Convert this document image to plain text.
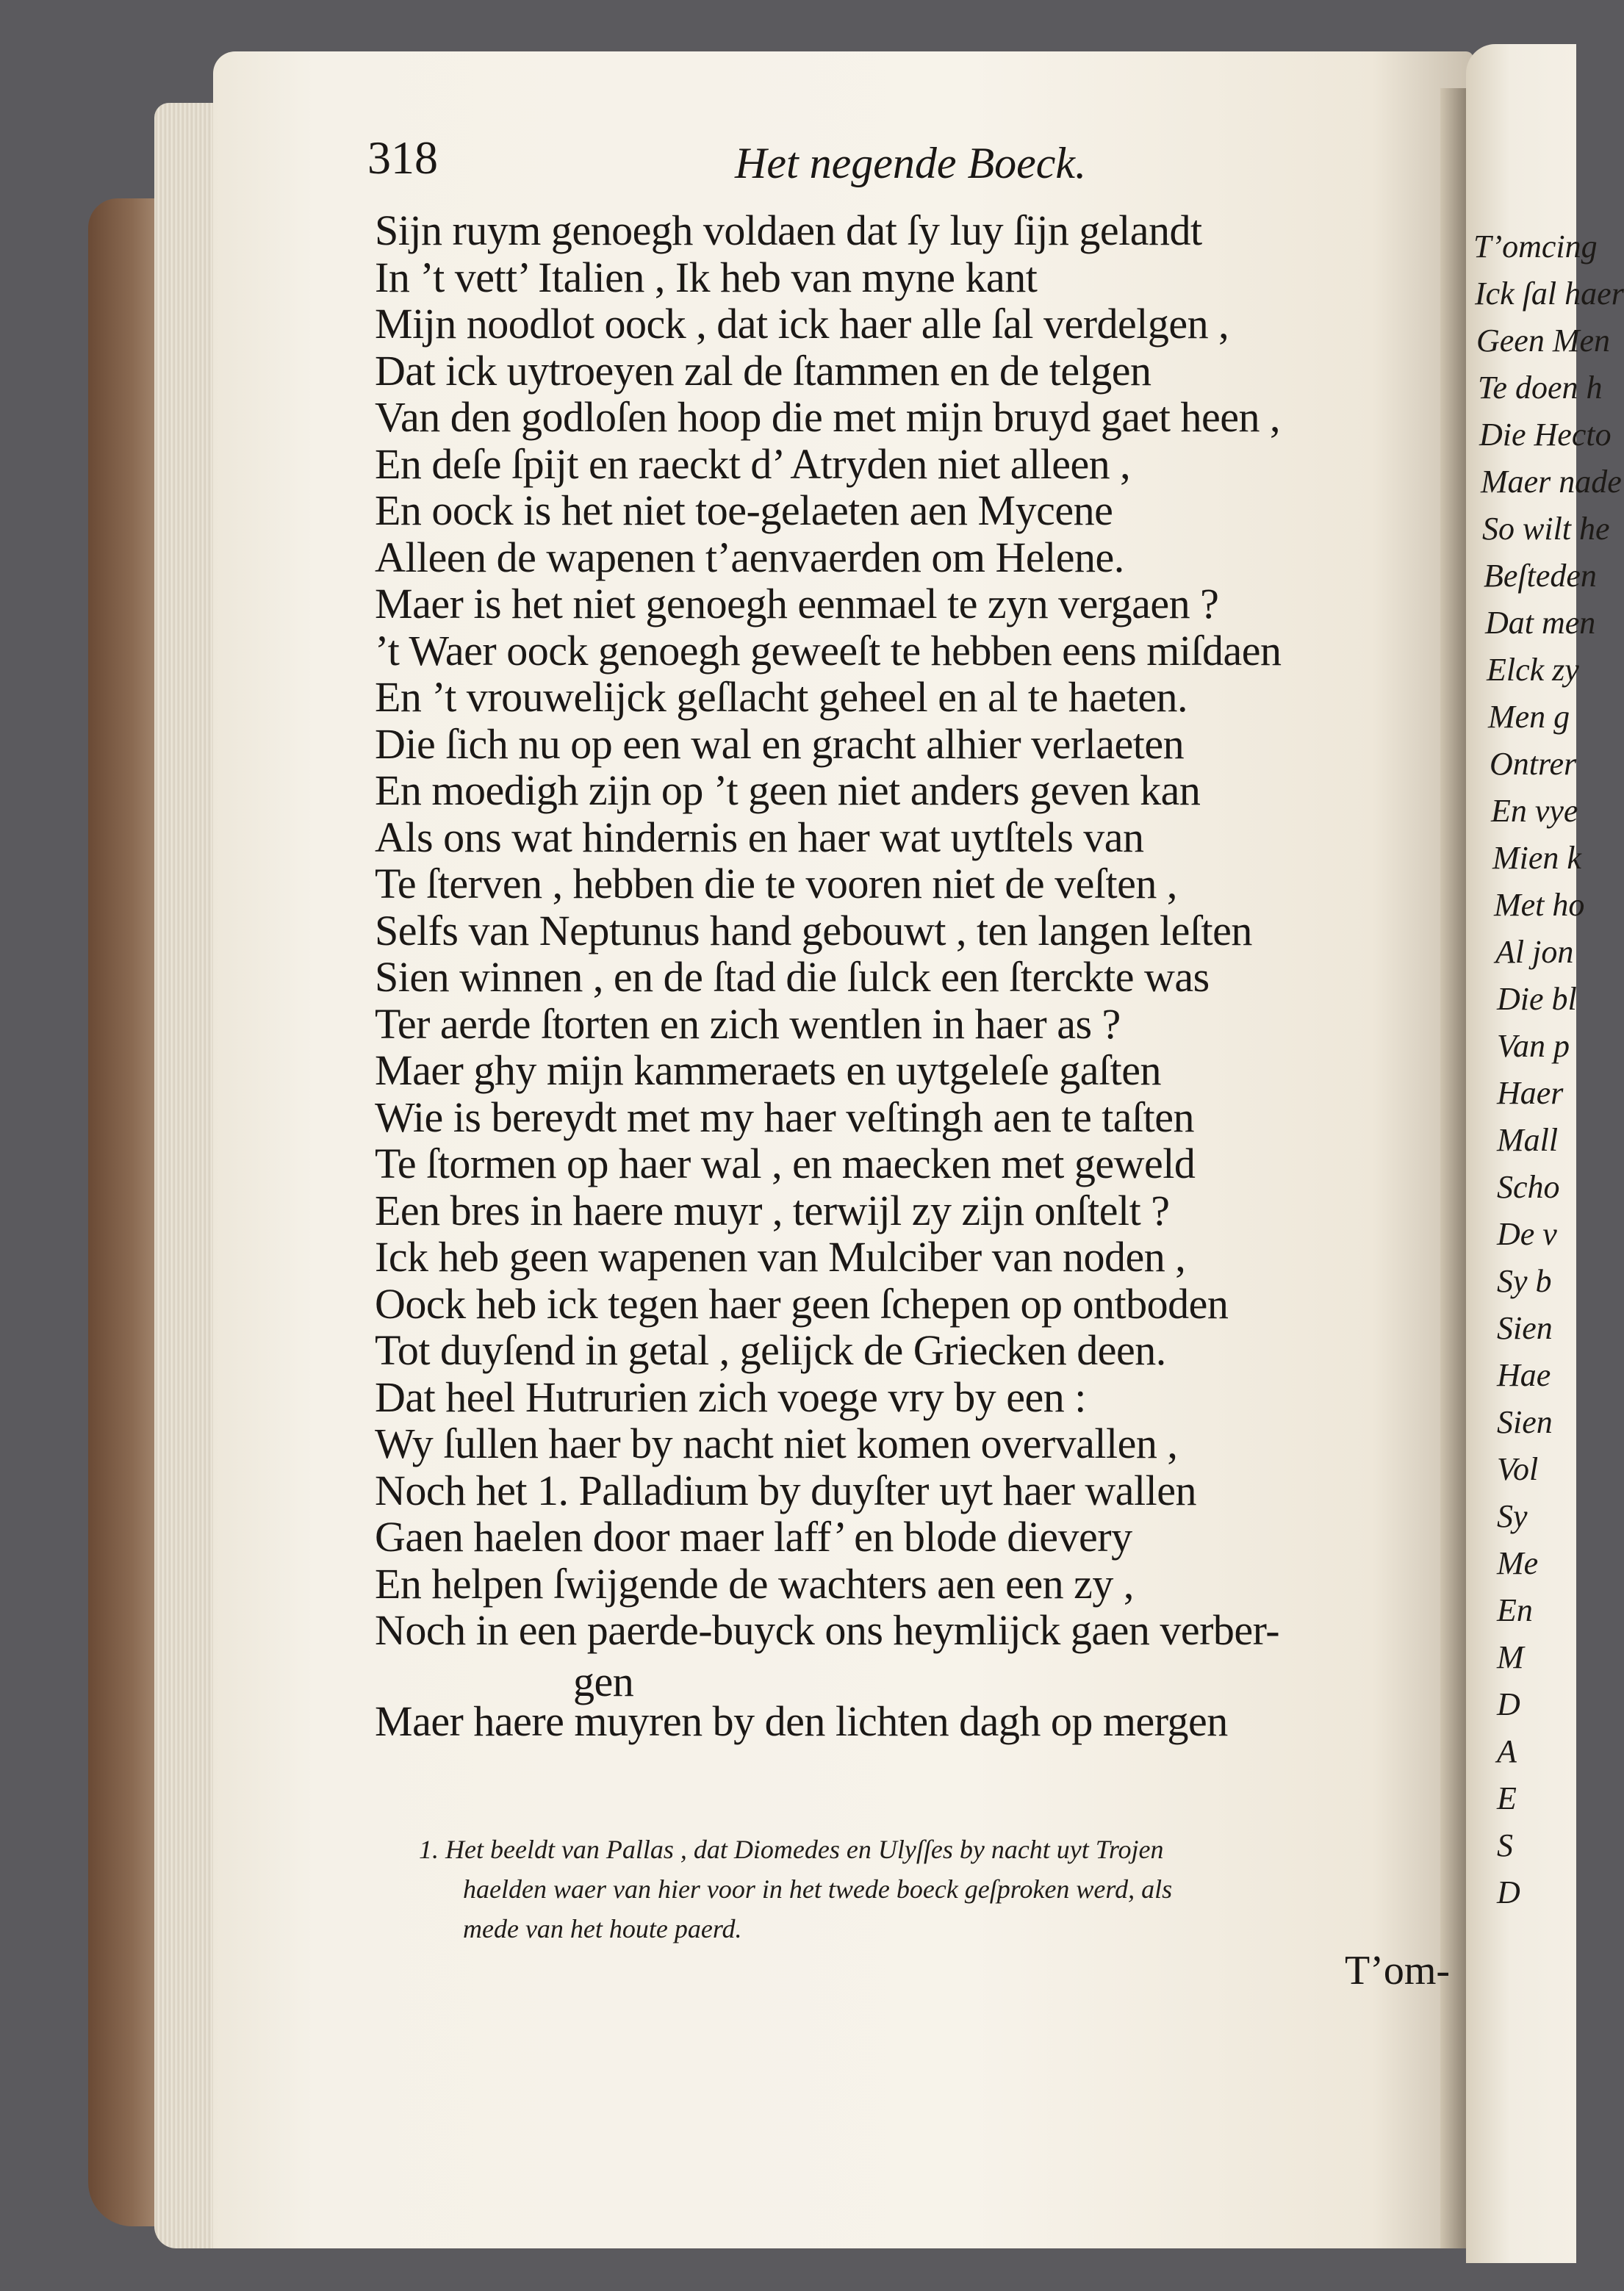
T’omcing
Ick ſal haer
Geen Men
Te doen h
Die Hecto
Maer nade
So wilt he
Beſteden
Dat men
Elck zy
Men g
Ontrer
En vye
Mien k
Met ho
Al jon
Die bl
Van p
Haer
Mall
Scho
De v
Sy b
Sien
Hae
Sien
Vol
Sy
Me
En
M
D
A
E
S
D
318	Het negende Boeck.
Sijn ruym genoegh voldaen dat ſy luy ſijn gelandt
In ’t vett’ Italien , Ik heb van myne kant
Mijn noodlot oock , dat ick haer alle ſal verdelgen ,
Dat ick uytroeyen zal de ſtammen en de telgen
Van den godloſen hoop die met mijn bruyd gaet heen ,
En deſe ſpijt en raeckt d’ Atryden niet alleen ,
En oock is het niet toe-gelaeten aen Mycene
Alleen de wapenen t’aenvaerden om Helene.
Maer is het niet genoegh eenmael te zyn vergaen ?
’t Waer oock genoegh geweeſt te hebben eens miſdaen
En ’t vrouwelijck geſlacht geheel en al te haeten.
Die ſich nu op een wal en gracht alhier verlaeten
En moedigh zijn op ’t geen niet anders geven kan
Als ons wat hindernis en haer wat uytſtels van
Te ſterven , hebben die te vooren niet de veſten ,
Selfs van Neptunus hand gebouwt , ten langen leſten
Sien winnen , en de ſtad die ſulck een ſterckte was
Ter aerde ſtorten en zich wentlen in haer as ?
Maer ghy mijn kammeraets en uytgeleſe gaſten
Wie is bereydt met my haer veſtingh aen te taſten
Te ſtormen op haer wal , en maecken met geweld
Een bres in haere muyr , terwijl zy zijn onſtelt ?
Ick heb geen wapenen van Mulciber van noden ,
Oock heb ick tegen haer geen ſchepen op ontboden
Tot duyſend in getal , gelijck de Griecken deen.
Dat heel Hutrurien zich voege vry by een :
Wy ſullen haer by nacht niet komen overvallen ,
Noch het 1. Palladium by duyſter uyt haer wallen
Gaen haelen door maer laff’ en blode dievery
En helpen ſwijgende de wachters aen een zy ,
Noch in een paerde-buyck ons heymlijck gaen verber-
gen
Maer haere muyren by den lichten dagh op mergen
1. Het beeldt van Pallas , dat Diomedes en Ulyſſes by nacht uyt Trojen
haelden waer van hier voor in het twede boeck geſproken werd, als
mede van het houte paerd.
T’om-
